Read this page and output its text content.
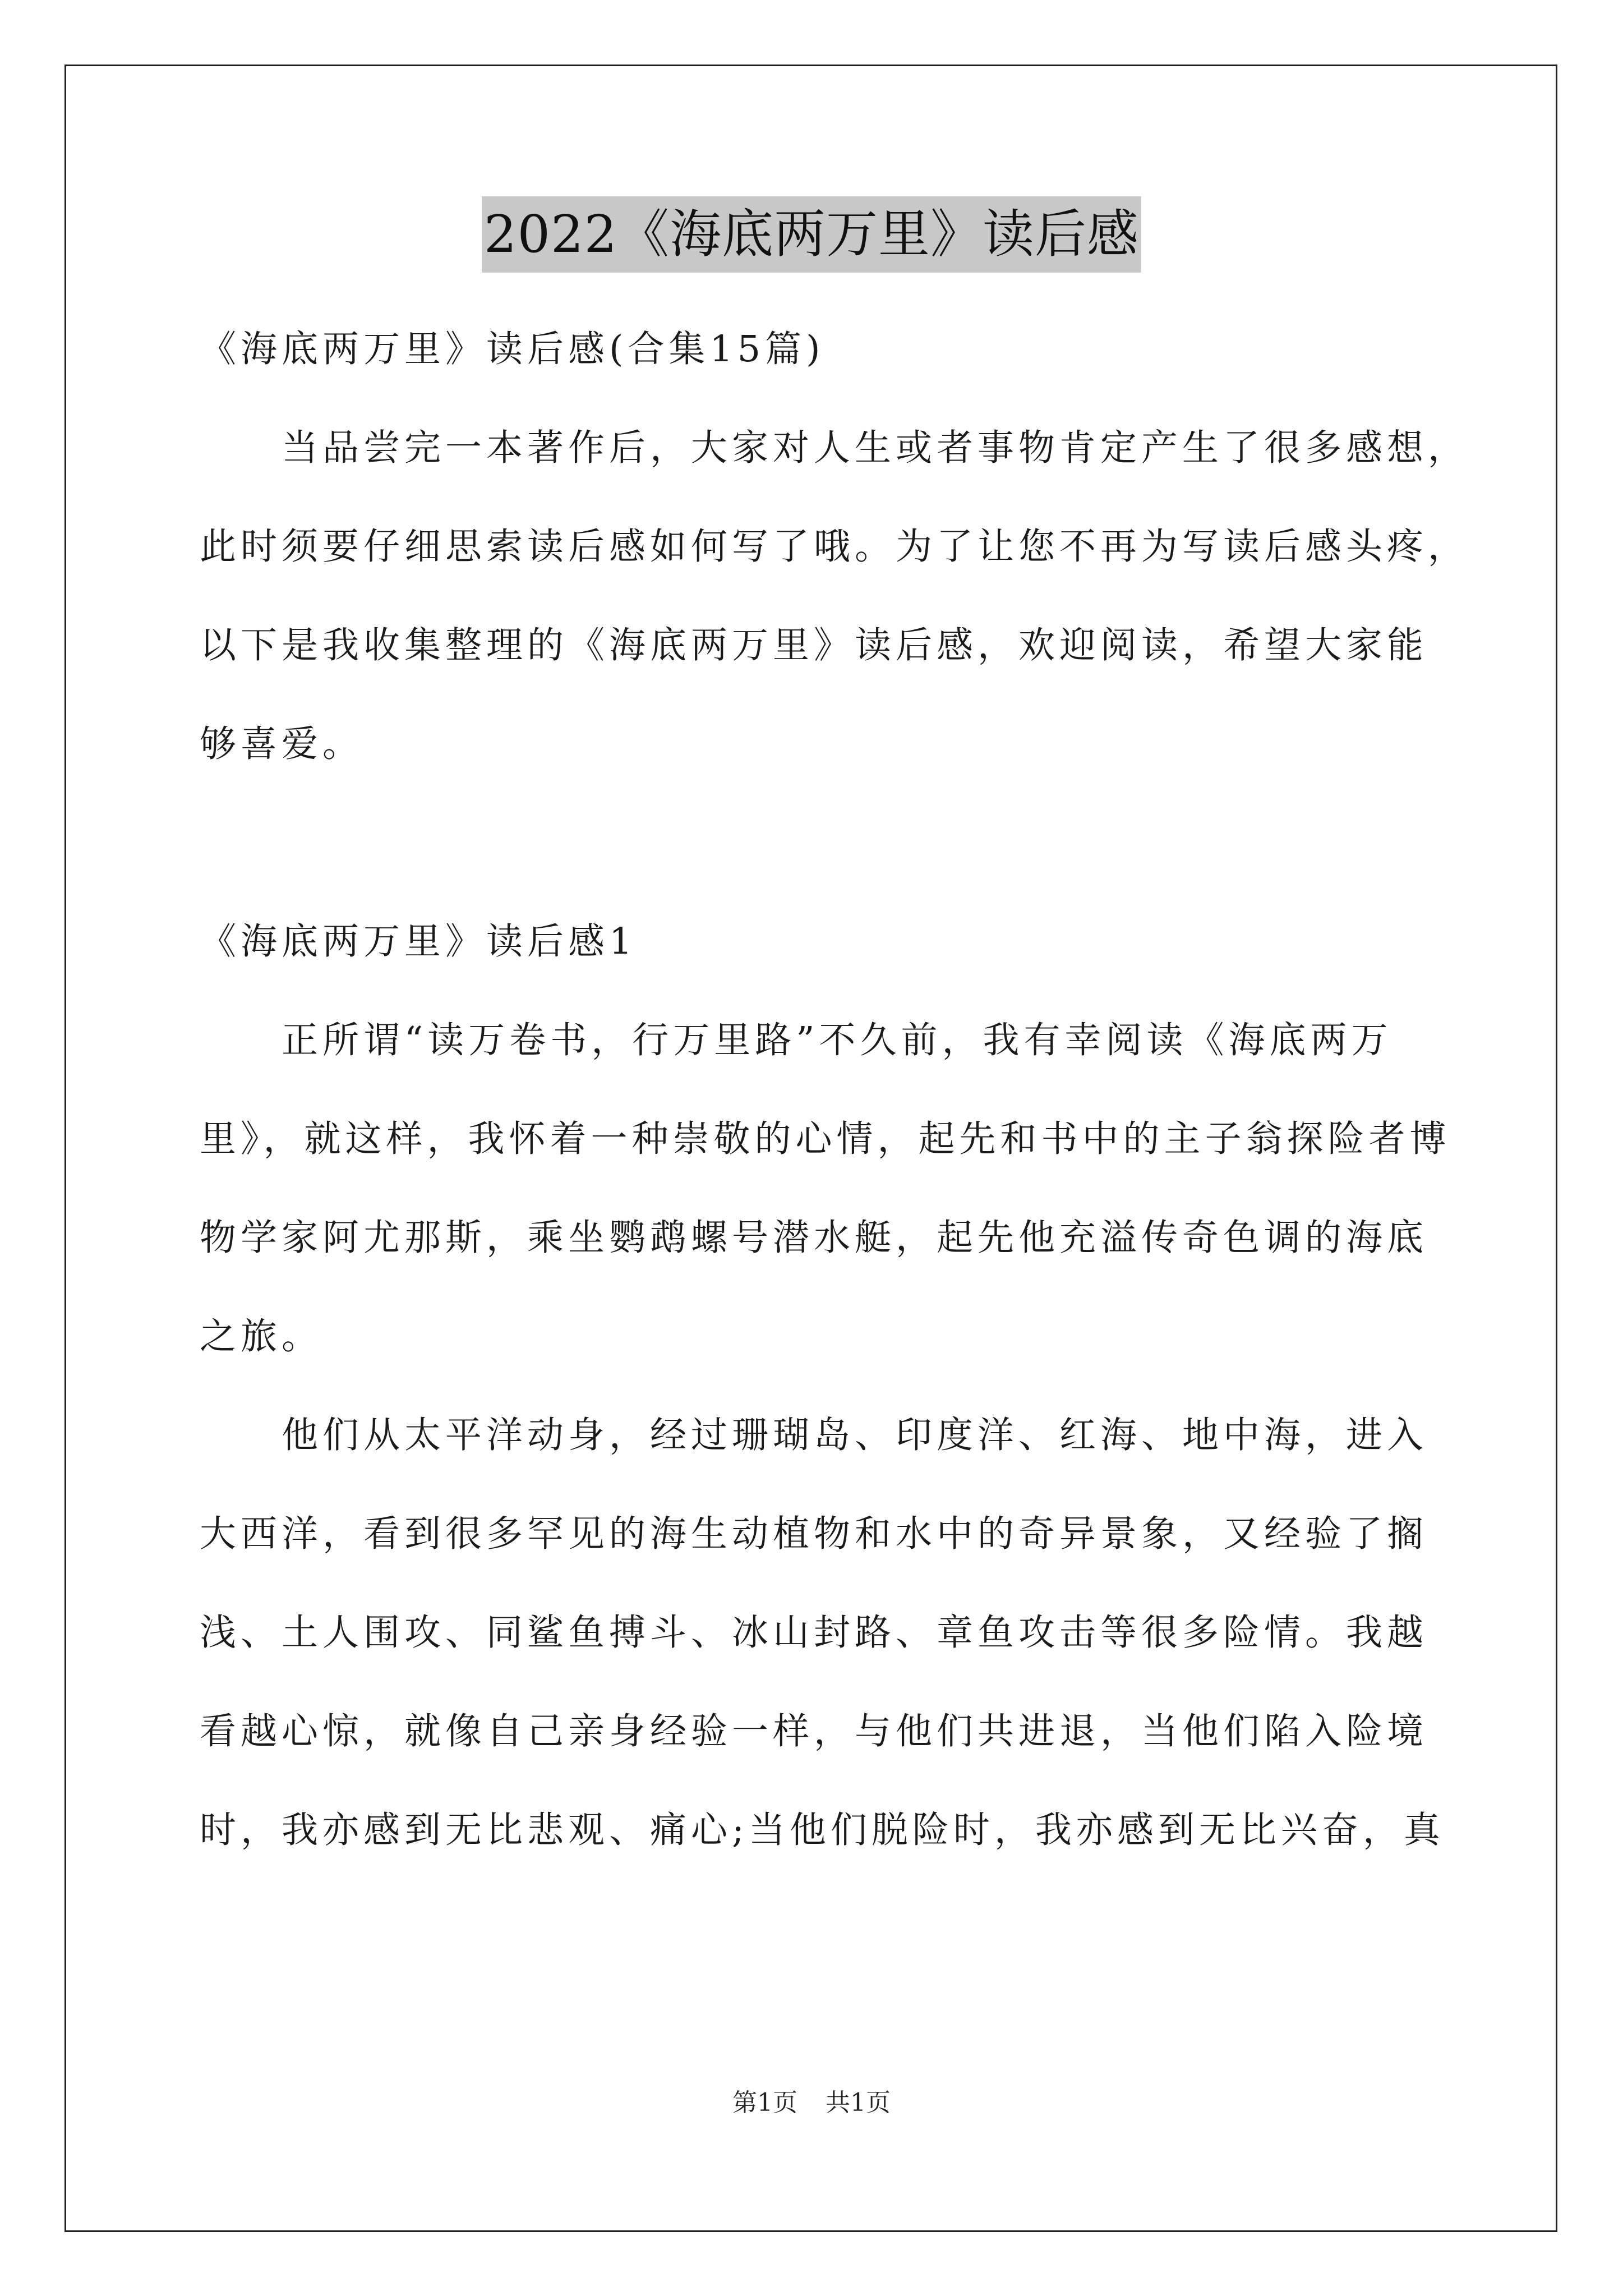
2022《海底两万里》读后感
《海底两万里》读后感(合集15篇)
　　当品尝完一本著作后，大家对人生或者事物肯定产生了很多感想，
此时须要仔细思索读后感如何写了哦。为了让您不再为写读后感头疼，
以下是我收集整理的《海底两万里》读后感，欢迎阅读，希望大家能
够喜爱。
《海底两万里》读后感1
　　正所谓“读万卷书，行万里路”不久前，我有幸阅读《海底两万
里》，就这样，我怀着一种崇敬的心情，起先和书中的主子翁探险者博
物学家阿尤那斯，乘坐鹦鹉螺号潜水艇，起先他充溢传奇色调的海底
之旅。
　　他们从太平洋动身，经过珊瑚岛、印度洋、红海、地中海，进入
大西洋，看到很多罕见的海生动植物和水中的奇异景象，又经验了搁
浅、土人围攻、同鲨鱼搏斗、冰山封路、章鱼攻击等很多险情。我越
看越心惊，就像自己亲身经验一样，与他们共进退，当他们陷入险境
时，我亦感到无比悲观、痛心;当他们脱险时，我亦感到无比兴奋，真
第1页 共1页
